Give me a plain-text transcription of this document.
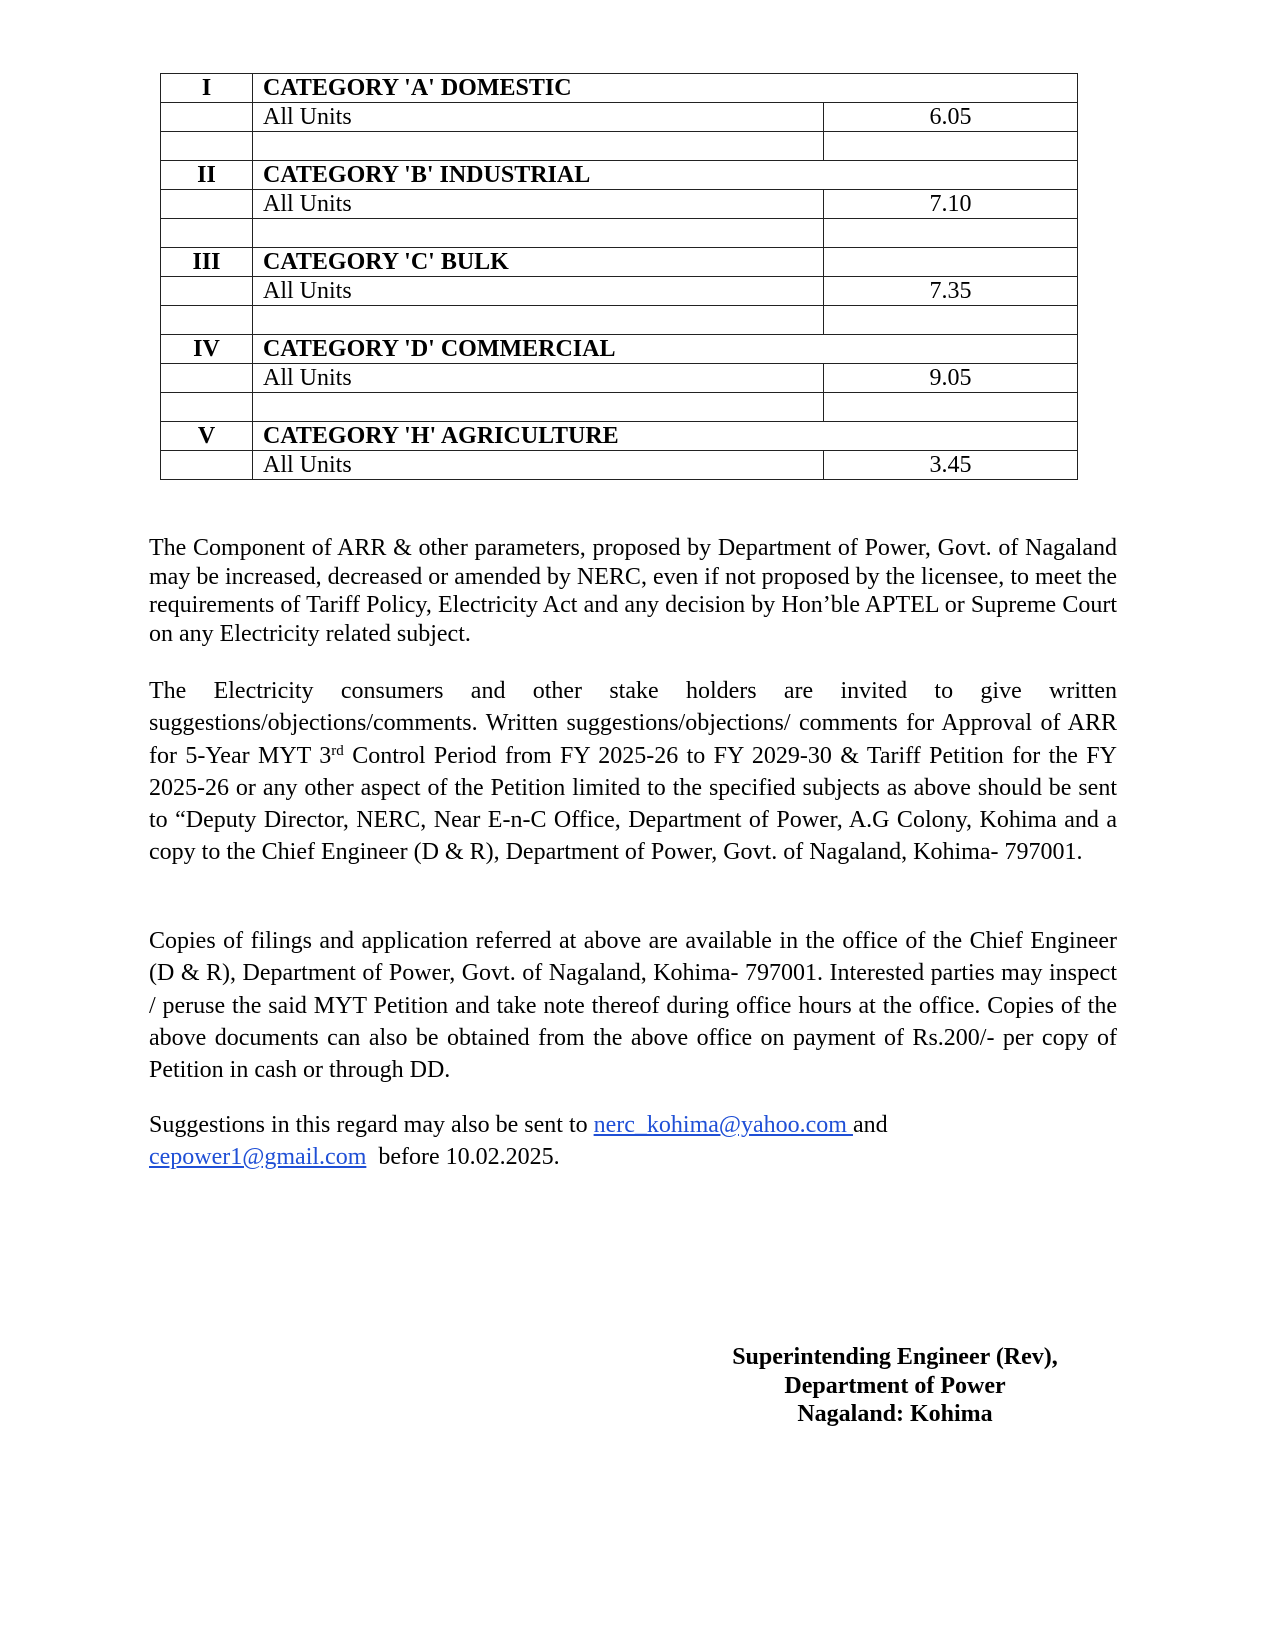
I	CATEGORY 'A' DOMESTIC	
	All Units	6.05

II	CATEGORY 'B' INDUSTRIAL	
	All Units	7.10

III	CATEGORY 'C' BULK	
	All Units	7.35

IV	CATEGORY 'D' COMMERCIAL	
	All Units	9.05

V	CATEGORY 'H' AGRICULTURE	
	All Units	3.45

The Component of ARR & other parameters, proposed by Department of Power, Govt. of Nagaland may be increased, decreased or amended by NERC, even if not proposed by the licensee, to meet the requirements of Tariff Policy, Electricity Act and any decision by Hon’ble APTEL or Supreme Court on any Electricity related subject.

The Electricity consumers and other stake holders are invited to give written suggestions/objections/comments. Written suggestions/objections/ comments for Approval of ARR for 5-Year MYT 3rd Control Period from FY 2025-26 to FY 2029-30 & Tariff Petition for the FY 2025-26 or any other aspect of the Petition limited to the specified subjects as above should be sent to “Deputy Director, NERC, Near E-n-C Office, Department of Power, A.G Colony, Kohima and a copy to the Chief Engineer (D & R), Department of Power, Govt. of Nagaland, Kohima- 797001.

Copies of filings and application referred at above are available in the office of the Chief Engineer (D & R), Department of Power, Govt. of Nagaland, Kohima- 797001. Interested parties may inspect / peruse the said MYT Petition and take note thereof during office hours at the office. Copies of the above documents can also be obtained from the above office on payment of Rs.200/- per copy of Petition in cash or through DD.

Suggestions in this regard may also be sent to nerc_kohima@yahoo.com and
cepower1@gmail.com  before 10.02.2025.

Superintending Engineer (Rev),
Department of Power
Nagaland: Kohima
